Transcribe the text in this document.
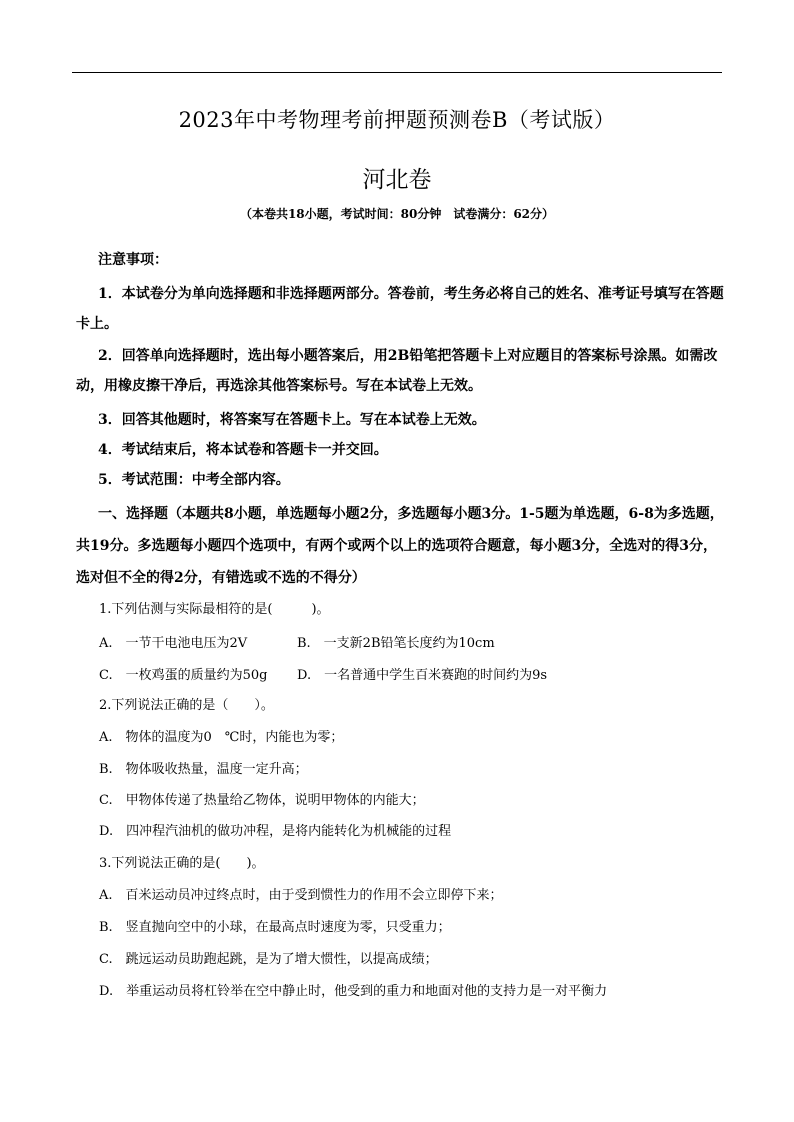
2023年中考物理考前押题预测卷B（考试版）
河北卷
（本卷共18小题，考试时间：80分钟　试卷满分：62分）
注意事项：
1．本试卷分为单向选择题和非选择题两部分。答卷前，考生务必将自己的姓名、准考证号填写在答题
卡上。
2．回答单向选择题时，选出每小题答案后，用2B铅笔把答题卡上对应题目的答案标号涂黑。如需改
动，用橡皮擦干净后，再选涂其他答案标号。写在本试卷上无效。
3．回答其他题时，将答案写在答题卡上。写在本试卷上无效。
4．考试结束后，将本试卷和答题卡一并交回。
5．考试范围：中考全部内容。
一、选择题（本题共8小题，单选题每小题2分，多选题每小题3分。1-5题为单选题，6-8为多选题，
共19分。多选题每小题四个选项中，有两个或两个以上的选项符合题意，每小题3分，全选对的得3分，
选对但不全的得2分，有错选或不选的不得分）
1.下列估测与实际最相符的是(　　　)。
A.　一节干电池电压为2V	B.　一支新2B铅笔长度约为10cm
C.　一枚鸡蛋的质量约为50g D.　一名普通中学生百米赛跑的时间约为9s
2.下列说法正确的是（　　）。
A.　物体的温度为0　℃时，内能也为零；
B.　物体吸收热量，温度一定升高；
C.　甲物体传递了热量给乙物体，说明甲物体的内能大；
D.　四冲程汽油机的做功冲程，是将内能转化为机械能的过程
3.下列说法正确的是(　　)。
A.　百米运动员冲过终点时，由于受到惯性力的作用不会立即停下来；
B.　竖直抛向空中的小球，在最高点时速度为零，只受重力；
C.　跳远运动员助跑起跳，是为了增大惯性，以提高成绩；
D.　举重运动员将杠铃举在空中静止时，他受到的重力和地面对他的支持力是一对平衡力
